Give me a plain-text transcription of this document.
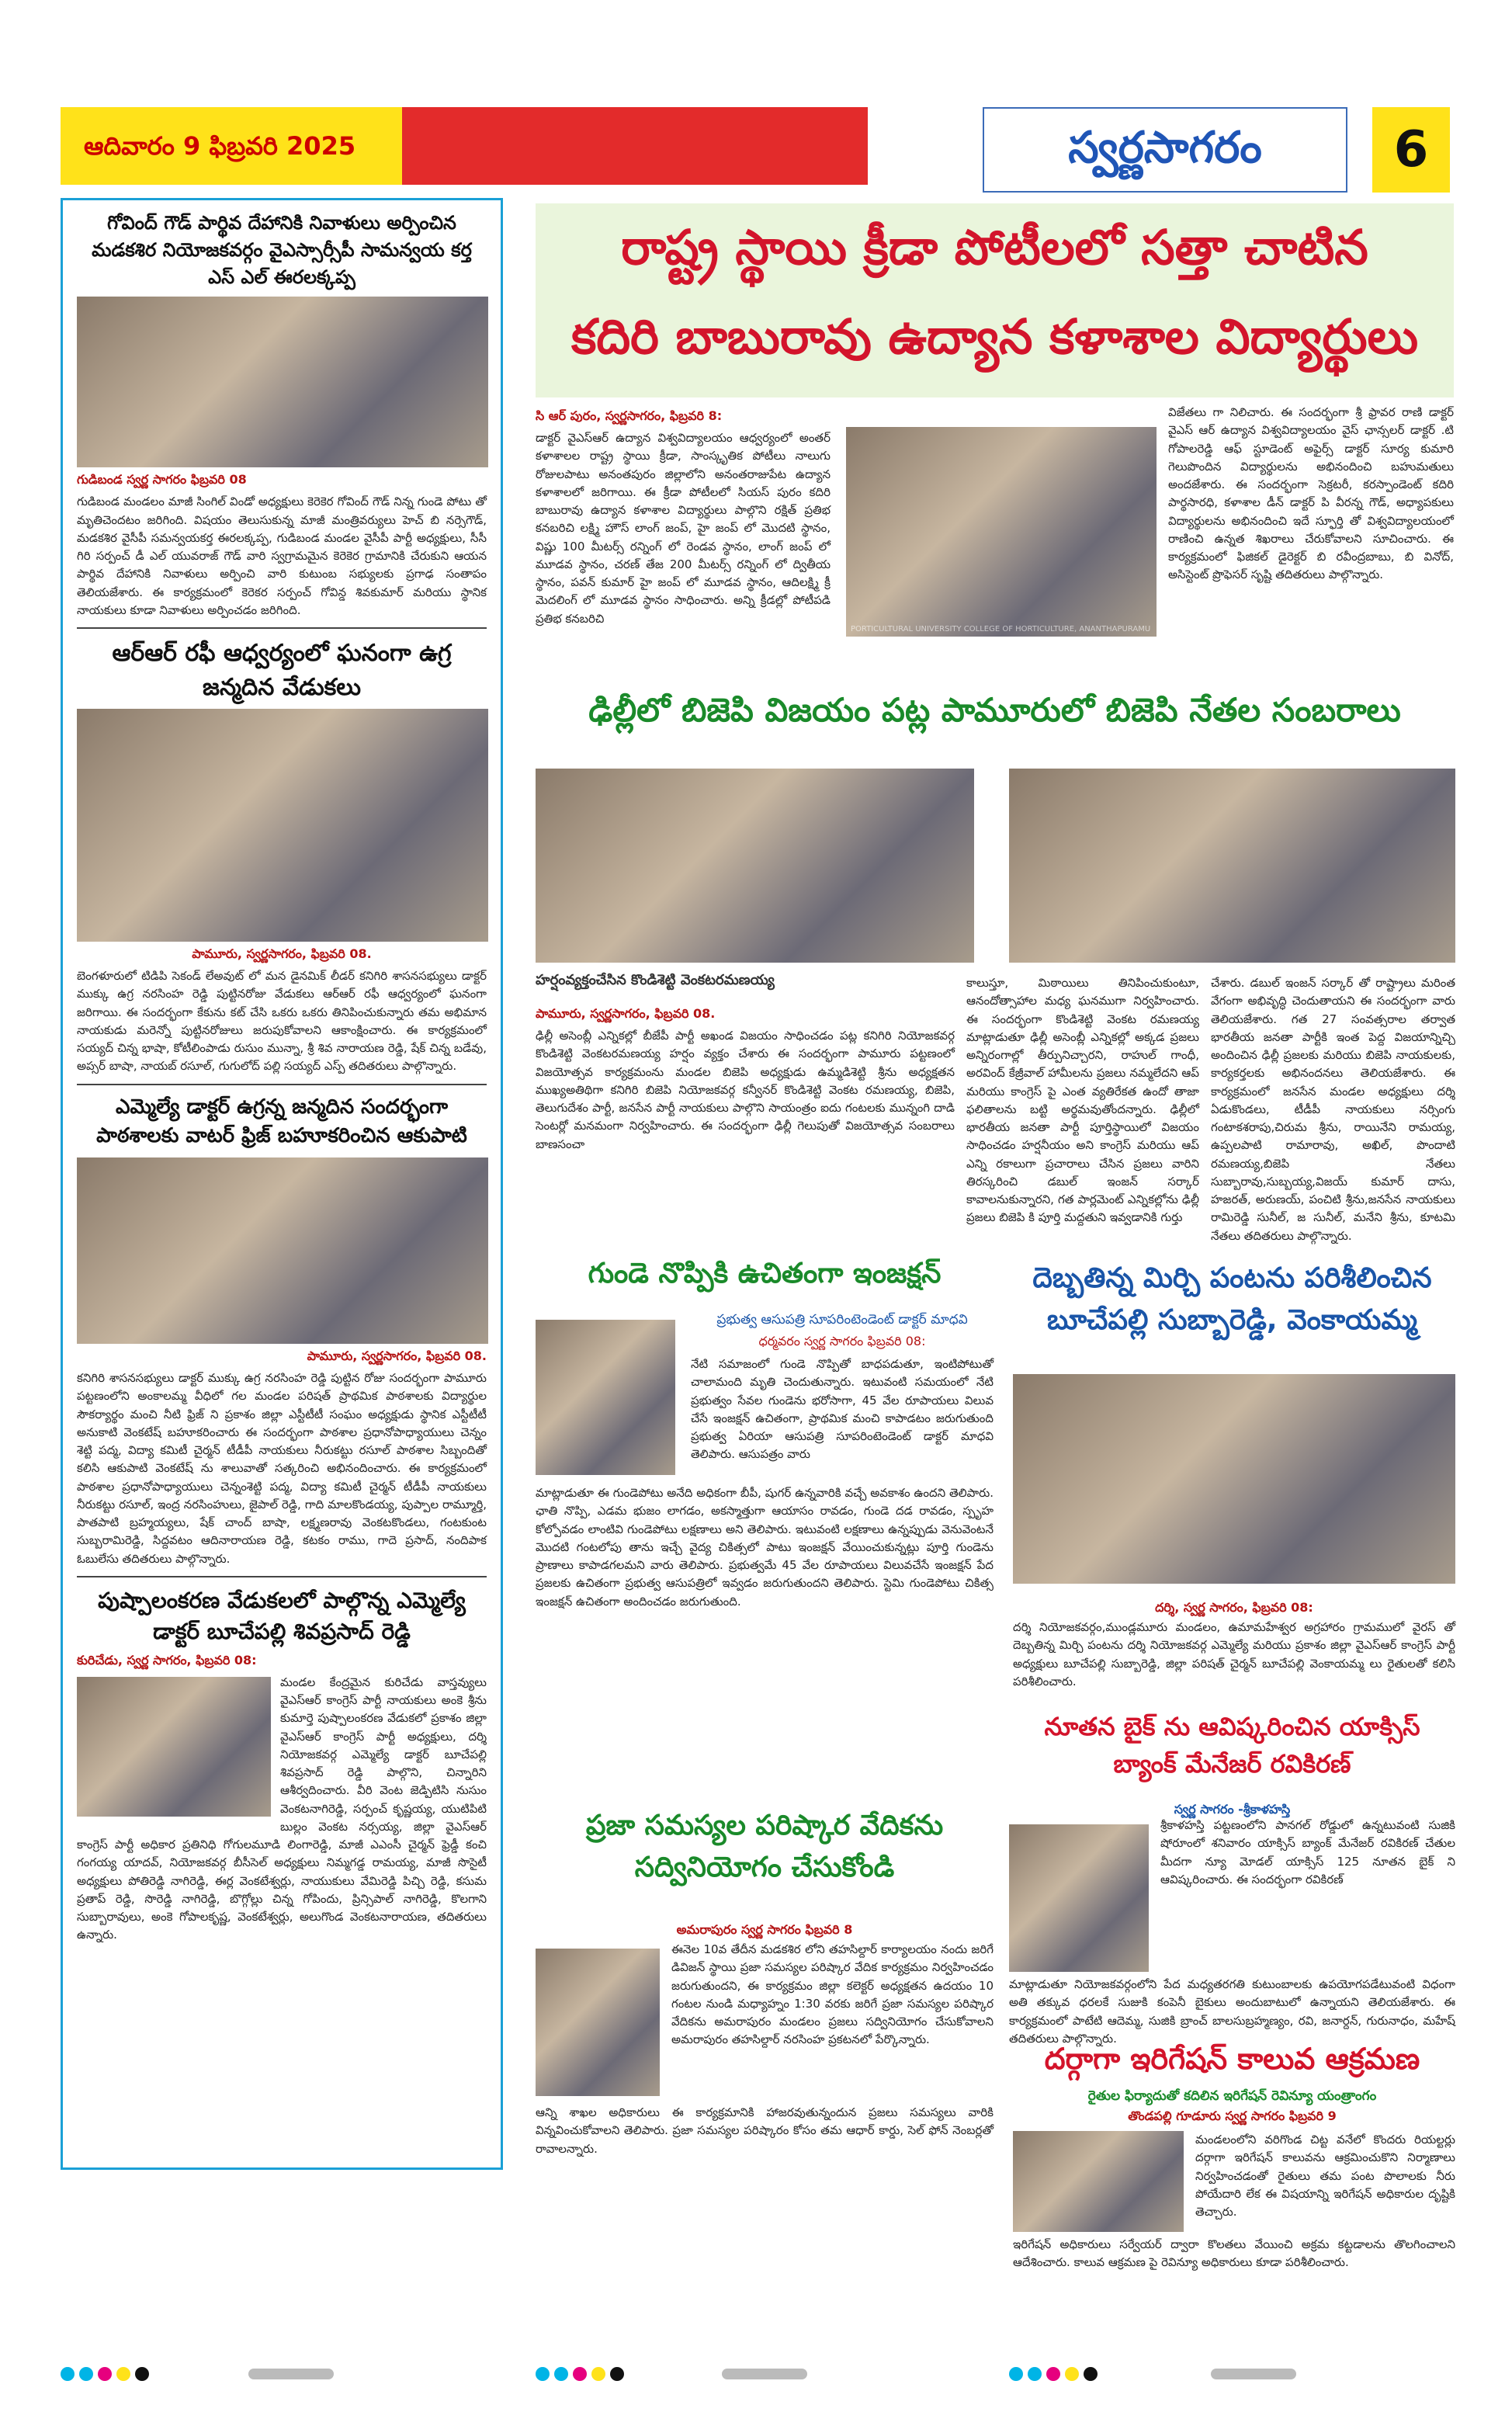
ఆదివారం 9 ఫిబ్రవరి 2025	స్వర్ణసాగరం	6
గోవింద్ గౌడ్ పార్థివ దేహానికి నివాళులు అర్పించిన మడకశిర నియోజకవర్గం వైఎస్సార్సీపీ సామన్వయ కర్త ఎస్ ఎల్ ఈరలక్కప్ప
గుడిబండ స్వర్ణ సాగరం ఫిబ్రవరి 08
గుడిబండ మండలం మాజీ సింగిల్ విండో అధ్యక్షులు కెరెకెర గోవింద్ గౌడ్ నిన్న గుండె పోటు తో మృతిచెందటం జరిగింది. విషయం తెలుసుకున్న మాజీ మంత్రివర్యులు హెచ్ బి నర్సెగౌడ్, మడకశిర వైసీపీ సమన్వయకర్త ఈరలక్కప్ప, గుడిబండ మండల వైసీపీ పార్టీ అధ్యక్షులు, సీసీ గిరి సర్పంచ్ డీ ఎల్ యువరాజ్ గౌడ్ వారి స్వగ్రామమైన కెరెకెర గ్రామానికి చేరుకుని ఆయన పార్థివ దేహానికి నివాళులు అర్పించి వారి కుటుంబ సభ్యులకు ప్రగాఢ సంతాపం తెలియజేశారు. ఈ కార్యక్రమంలో కెరెకర సర్పంచ్ గోవిన్డ శివకుమార్ మరియు స్థానిక నాయకులు కూడా నివాళులు అర్పించడం జరిగింది.
ఆర్ఆర్ రఫీ ఆధ్వర్యంలో ఘనంగా ఉగ్ర జన్మదిన వేడుకలు
పామూరు, స్వర్ణసాగరం, ఫిబ్రవరి 08.
బెంగళూరులో టిడిపి సెకండ్ లేఅవుట్ లో మన డైనమిక్ లీడర్ కనిగిరి శాసనసభ్యులు డాక్టర్ ముక్కు ఉగ్ర నరసింహ రెడ్డి పుట్టినరోజు వేడుకలు ఆర్ఆర్ రఫీ ఆధ్వర్యంలో ఘనంగా జరిగాయి. ఈ సందర్భంగా కేకును కట్ చేసి ఒకరు ఒకరు తినిపించుకున్నారు తమ అభిమాన నాయకుడు మరెన్నో పుట్టినరోజులు జరుపుకోవాలని ఆకాంక్షించారు. ఈ కార్యక్రమంలో సయ్యద్ చిన్న భాషా, కోటీలింపాడు రుసుం మున్నా, శ్రీ శివ నారాయణ రెడ్డి, షేక్ చిన్న బడేవు, అప్సర్ బాషా, నాయబ్ రసూల్, గుగులోద్ పల్లి సయ్యద్ ఎస్ప్ తదితరులు పాల్గొన్నారు.
ఎమ్మెల్యే డాక్టర్ ఉగ్రన్న జన్మదిన సందర్భంగా పాఠశాలకు వాటర్ ఫ్రిజ్ బహూకరించిన ఆకుపాటి
పామూరు, స్వర్ణసాగరం, ఫిబ్రవరి 08.
కనిగిరి శాసనసభ్యులు డాక్టర్ ముక్కు ఉగ్ర నరసింహ రెడ్డి పుట్టిన రోజు సందర్భంగా పామూరు పట్టణంలోని అంకాలమ్మ వీధిలో గల మండల పరిషత్ ప్రాథమిక పాఠశాలకు విద్యార్థుల సౌకర్యార్థం మంచి నీటి ఫ్రిజ్ ని ప్రకాశం జిల్లా ఎస్టీటీటీ సంఘం అధ్యక్షుడు స్థానిక ఎస్టీటీటీ అనుకాటి వెంకటేష్ బహూకరించారు ఈ సందర్భంగా పాఠశాల ప్రధానోపాధ్యాయులు చెన్నం శెట్టి పద్మ, విద్యా కమిటీ చైర్మన్ టీడీపీ నాయకులు నీరుకట్టు రసూల్ పాఠశాల సిబ్బందితో కలిసి ఆకుపాటి వెంకటేష్ ను శాలువాతో సత్కరించి అభినందించారు. ఈ కార్యక్రమంలో పాఠశాల ప్రధానోపాధ్యాయులు చెన్నంశెట్టి పద్మ, విద్యా కమిటీ చైర్మన్ టీడీపీ నాయకులు నీరుకట్టు రసూల్, ఇంద్ర నరసింహులు, జైపాల్ రెడ్డి, గాది మాలకొండయ్య, పుప్పాల రామ్మూర్తి, పాతపాటి బ్రహ్మయ్యలు, షేక్ చాంద్ బాషా, లక్ష్మణరావు వెంకటకొండలు, గంటకుంట సుబ్బరామిరెడ్డి, సిద్దవటం ఆదినారాయణ రెడ్డి, కటకం రాము, గాదె ప్రసాద్, నందిపాక ఓబులేసు తదితరులు పాల్గొన్నారు.
పుష్పాలంకరణ వేడుకలలో పాల్గొన్న ఎమ్మెల్యే డాక్టర్ బూచేపల్లి శివప్రసాద్ రెడ్డి
కురిచేడు, స్వర్ణ సాగరం, ఫిబ్రవరి 08:
మండల కేంద్రమైన కురిచేడు వాస్తవ్యులు వైఎస్ఆర్ కాంగ్రెస్ పార్టీ నాయకులు అంకె శ్రీను కుమార్తె పుష్పాలంకరణ వేడుకలో ప్రకాశం జిల్లా వైఎస్ఆర్ కాంగ్రెస్ పార్టీ అధ్యక్షులు, దర్శి నియోజకవర్గ ఎమ్మెల్యే డాక్టర్ బూచేపల్లి శివప్రసాద్ రెడ్డి పాల్గొని, చిన్నారిని ఆశీర్వదించారు. వీరి వెంట జెడ్పిటిసి నుసుం వెంకటనాగిరెడ్డి, సర్పంచ్ కృష్ణయ్య, యుటిపిటి బుల్లం వెంకట నర్సయ్య, జిల్లా వైఎస్ఆర్ కాంగ్రెస్ పార్టీ అధికార ప్రతినిధి గోగులమూడి లింగారెడ్డి, మాజీ ఎఎంసీ చైర్మన్ ఫ్రెడ్డీ కంచి గంగయ్య యాదవ్, నియోజకవర్గ బీసీసెల్ అధ్యక్షులు నిమ్మగడ్డ రామయ్య, మాజీ సొసైటీ అధ్యక్షులు పోతిరెడ్డి నాగిరెడ్డి, ఈర్ల వెంకటేశ్వర్లు, నాయుకులు వేమిరెడ్డి పిచ్చి రెడ్డి, కసుమ ప్రతాప్ రెడ్డి, సొరెడ్డి నాగిరెడ్డి, బొగ్గోల్లు చిన్న గోపిందు, ప్రిన్సిపాల్ నాగిరెడ్డి, కొలగాని సుబ్బారావులు, అంకె గోపాలకృష్ణ, వెంకటేశ్వర్లు, అలుగొండ వెంకటనారాయణ, తదితరులు ఉన్నారు.
రాష్ట్ర స్థాయి క్రీడా పోటీలలో సత్తా చాటిన
కదిరి బాబురావు ఉద్యాన కళాశాల విద్యార్థులు
సి ఆర్ పురం, స్వర్ణసాగరం, ఫిబ్రవరి 8:
డాక్టర్ వైఎస్ఆర్ ఉద్యాన విశ్వవిద్యాలయం ఆధ్వర్యంలో అంతర్ కళాశాలల రాష్ట్ర స్థాయి క్రీడా, సాంస్కృతిక పోటీలు నాలుగు రోజులపాటు అనంతపురం జిల్లాలోని అనంతరాజుపేట ఉద్యాన కళాశాలలో జరిగాయి. ఈ క్రీడా పోటీలలో సియస్ పురం కదిరి బాబురావు ఉద్యాన కళాశాల విద్యార్థులు పాల్గొని రక్షిత్ ప్రతిభ కనబరిచి లక్ష్మి హౌస్ లాంగ్ జంప్, హై జంప్ లో మొదటి స్థానం, విష్ణు 100 మీటర్స్ రన్నింగ్ లో రెండవ స్థానం, లాంగ్ జంప్ లో మూడవ స్థానం, చరణ్ తేజ 200 మీటర్స్ రన్నింగ్ లో ద్వితీయ స్థానం, పవన్ కుమార్ హై జంప్ లో మూడవ స్థానం, ఆదిలక్ష్మి క్రీ మెదలింగ్ లో మూడవ స్థానం సాధించారు. అన్ని క్రీడల్లో పోటీపడి ప్రతిభ కనబరిచి
PORTICULTURAL UNIVERSITY COLLEGE OF HORTICULTURE, ANANTHAPURAMU
విజేతలు గా నిలిచారు. ఈ సందర్భంగా శ్రీ ఫ్రావర రాణి డాక్టర్ వైఎస్ ఆర్ ఉద్యాన విశ్వవిద్యాలయం వైస్ ఛాన్సలర్ డాక్టర్ .టి గోపాలరెడ్డి ఆఫ్ స్టూడెంట్ అఫైర్స్ డాక్టర్ సూర్య కుమారి గెలుపొందిన విద్యార్థులను అభినందించి బహుమతులు అందజేశారు. ఈ సందర్భంగా సెక్రటరీ, కరస్పాండెంట్ కదిరి పార్థసారధి, కళాశాల డీన్ డాక్టర్ పి వీరన్న గౌడ్, అధ్యాపకులు విద్యార్థులను అభినందించి ఇదే స్ఫూర్తి తో విశ్వవిద్యాలయంలో రాణించి ఉన్నత శిఖరాలు చేరుకోవాలని సూచించారు. ఈ కార్యక్రమంలో ఫిజికల్ డైరెక్టర్ బి రవీంద్రబాబు, బి వినోద్, అసిస్టెంట్ ప్రొఫెసర్ సృష్టి తదితరులు పాల్గొన్నారు.
ఢిల్లీలో బిజెపి విజయం పట్ల పామూరులో బిజెపి నేతల సంబరాలు
హర్షంవ్యక్తంచేసిన కొండిశెట్టి వెంకటరమణయ్య
పామూరు, స్వర్ణసాగరం, ఫిబ్రవరి 08.
ఢిల్లీ అసెంబ్లీ ఎన్నికల్లో బీజేపీ పార్టీ అఖండ విజయం సాధించడం పట్ల కనిగిరి నియోజకవర్గ కొండిశెట్టి వెంకటరమణయ్య హర్షం వ్యక్తం చేశారు ఈ సందర్భంగా పామూరు పట్టణంలో విజయోత్సవ కార్యక్రమంను మండల బిజెపి అధ్యక్షుడు ఉమ్మడిశెట్టి శ్రీను అధ్యక్షతన ముఖ్యఅతిథిగా కనిగిరి బిజెపి నియోజకవర్గ కన్వీనర్ కొండిశెట్టి వెంకట రమణయ్య, బిజెపి, తెలుగుదేశం పార్టీ, జనసేన పార్టీ నాయకులు పాల్గొని సాయంత్రం ఐదు గంటలకు మున్నంగి దాడి సెంటర్లో మనమంగా నిర్వహించారు. ఈ సందర్భంగా ఢిల్లీ గెలుపుతో విజయోత్సవ సంబరాలు బాణసంచా
కాలుస్తూ, మిఠాయిలు తినిపించుకుంటూ, ఆనందోత్సాహాల మధ్య ఘనముగా నిర్వహించారు. ఈ సందర్భంగా కొండిశెట్టి వెంకట రమణయ్య మాట్లాడుతూ ఢిల్లీ అసెంబ్లీ ఎన్నికల్లో అక్కడ ప్రజలు అన్నిరంగాల్లో తీర్పునిచ్చారని, రాహుల్ గాంధీ, అరవింద్ కేజ్రీవాల్ హామీలను ప్రజలు నమ్మలేదని ఆప్ మరియు కాంగ్రెస్ పై ఎంత వ్యతిరేకత ఉందో తాజా ఫలితాలను బట్టి అర్థమవుతోందన్నారు. ఢిల్లీలో భారతీయ జనతా పార్టీ పూర్తిస్థాయిలో విజయం సాధించడం హర్షనీయం అని కాంగ్రెస్ మరియు ఆప్ ఎన్ని రకాలుగా ప్రచారాలు చేసిన ప్రజలు వారిని తిరస్కరించి డబుల్ ఇంజన్ సర్కార్ కావాలనుకున్నారని, గత పార్లమెంట్ ఎన్నికల్లోను ఢిల్లీ ప్రజలు బిజెపి కి పూర్తి మద్దతుని ఇవ్వడానికి గుర్తు
చేశారు. డబుల్ ఇంజన్ సర్కార్ తో రాష్ట్రాలు మరింత వేగంగా అభివృద్ధి చెందుతాయని ఈ సందర్భంగా వారు తెలియజేశారు. గత 27 సంవత్సరాల తర్వాత భారతీయ జనతా పార్టీకి ఇంత పెద్ద విజయాన్నిచ్చి అందించిన ఢిల్లీ ప్రజలకు మరియు బిజెపి నాయకులకు, కార్యకర్తలకు అభినందనలు తెలియజేశారు. ఈ కార్యక్రమంలో జనసేన మండల అధ్యక్షులు దర్శి ఏడుకొండలు, టీడీపీ నాయకులు నర్సింగు గంటాకశరాపు,చిరుమ శ్రీను, రాయినేని రామయ్య, ఉప్పలపాటి రామారావు, అఖిల్, పొందాటి రమణయ్య,బిజెపి నేతలు సుబ్బారావు,సుబ్బయ్య,విజయ్ కుమార్ దాసు, హజరత్, అరుణయ్, పంచిటి శ్రీను,జనసేన నాయకులు రామిరెడ్డి సునీల్, జ సునీల్, మనేని శ్రీను, కూటమి నేతలు తదితరులు పాల్గొన్నారు.
గుండె నొప్పికి ఉచితంగా ఇంజక్షన్
ప్రభుత్వ ఆసుపత్రి సూపరింటెండెంట్ డాక్టర్ మాధవి
ధర్మవరం స్వర్ణ సాగరం ఫిబ్రవరి 08:
నేటి సమాజంలో గుండె నొప్పితో బాధపడుతూ, ఇంటిపోటుతో చాలామంది మృతి చెందుతున్నారు. ఇటువంటి సమయంలో నేటి ప్రభుత్వం సేవల గుండెను భరోసాగా, 45 వేల రూపాయలు విలువ చేసే ఇంజక్షన్ ఉచితంగా, ప్రాథమిక మంచి కాపాడటం జరుగుతుంది ప్రభుత్వ ఏరియా ఆసుపత్రి సూపరింటెండెంట్ డాక్టర్ మాధవి తెలిపారు. ఆసుపత్రం వారు
మాట్లాడుతూ ఈ గుండెపోటు అనేది అధికంగా బీపీ, షుగర్ ఉన్నవారికి వచ్చే అవకాశం ఉందని తెలిపారు. ఛాతి నొప్పి, ఎడమ భుజం లాగడం, అకస్మాత్తుగా ఆయాసం రావడం, గుండె దడ రావడం, స్పృహ కోల్పోవడం లాంటివి గుండెపోటు లక్షణాలు అని తెలిపారు. ఇటువంటి లక్షణాలు ఉన్నప్పుడు వెనువెంటనే మొదటి గంటలోపు తాను ఇచ్చే వైద్య చికిత్సలో పాటు ఇంజక్షన్ వేయించుకున్నట్లు పూర్తి గుండెను ప్రాణాలు కాపాడగలమని వారు తెలిపారు. ప్రభుత్వమే 45 వేల రూపాయలు విలువచేసే ఇంజక్షన్ పేద ప్రజలకు ఉచితంగా ప్రభుత్వ ఆసుపత్రిలో ఇవ్వడం జరుగుతుందని తెలిపారు. స్టెమి గుండెపోటు చికిత్స ఇంజక్షన్ ఉచితంగా అందించడం జరుగుతుంది.
దెబ్బతిన్న మిర్చి పంటను పరిశీలించిన బూచేపల్లి సుబ్బారెడ్డి, వెంకాయమ్మ
దర్శి, స్వర్ణ సాగరం, ఫిబ్రవరి 08:
దర్శి నియోజకవర్గం,ముండ్లమూరు మండలం, ఉమామహేశ్వర అగ్రహారం గ్రామములో వైరస్ తో దెబ్బతిన్న మిర్చి పంటను దర్శి నియోజకవర్గ ఎమ్మెల్యే మరియు ప్రకాశం జిల్లా వైఎస్ఆర్ కాంగ్రెస్ పార్టీ అధ్యక్షులు బూచేపల్లి సుబ్బారెడ్డి, జిల్లా పరిషత్ చైర్మన్ బూచేపల్లి వెంకాయమ్మ లు రైతులతో కలిసి పరిశీలించారు.
ప్రజా సమస్యల పరిష్కార వేదికను సద్వినియోగం చేసుకోండి
అమరాపురం స్వర్ణ సాగరం ఫిబ్రవరి 8
ఈనెల 10వ తేదీన మడకశిర లోని తహసిల్దార్ కార్యాలయం నందు జరిగే డివిజన్ స్థాయి ప్రజా సమస్యల పరిష్కార వేదిక కార్యక్రమం నిర్వహించడం జరుగుతుందని, ఈ కార్యక్రమం జిల్లా కలెక్టర్ అధ్యక్షతన ఉదయం 10 గంటల నుండి మధ్యాహ్నం 1:30 వరకు జరిగే ప్రజా సమస్యల పరిష్కార వేదికను అమరాపురం మండలం ప్రజలు సద్వినియోగం చేసుకోవాలని అమరాపురం తహసిల్దార్ నరసింహ ప్రకటనలో పేర్కొన్నారు.
ఆన్ని శాఖల అధికారులు ఈ కార్యక్రమానికి హాజరవుతున్నందున ప్రజలు సమస్యలు వారికి విన్నవించుకోవాలని తెలిపారు. ప్రజా సమస్యల పరిష్కారం కోసం తమ ఆధార్ కార్డు, సెల్ ఫోన్ నెంబర్లతో రావాలన్నారు.
నూతన బైక్ ను ఆవిష్కరించిన యాక్సిస్ బ్యాంక్ మేనేజర్ రవికిరణ్
స్వర్ణ సాగరం -శ్రీకాళహస్తి
శ్రీకాళహస్తి పట్టణంలోని పానగల్ రోడ్డులో ఉన్నటువంటి సుజికి షోరూంలో శనివారం యాక్సిస్ బ్యాంక్ మేనేజర్ రవికిరణ్ చేతుల మీదగా న్యూ మోడల్ యాక్సిస్ 125 నూతన బైక్ ని ఆవిష్కరించారు. ఈ సందర్భంగా రవికిరణ్
మాట్లాడుతూ నియోజకవర్గంలోని పేద మధ్యతరగతి కుటుంబాలకు ఉపయోగపడేటువంటి విధంగా అతి తక్కువ ధరలకే సుజుకి కంపెనీ బైకులు అందుబాటులో ఉన్నాయని తెలియజేశారు. ఈ కార్యక్రమంలో పాటేటి ఆదెమ్మ, సుజికి బ్రాంచ్ బాలసుబ్రహ్మణ్యం, రవి, జనార్దన్, గురునాధం, మహేష్ తదితరులు పాల్గొన్నారు.
దర్గాగా ఇరిగేషన్ కాలువ ఆక్రమణ
రైతుల ఫిర్యాదుతో కదిలిన ఇరిగేషన్ రెవిన్యూ యంత్రాంగం
తొండపల్లి గూడూరు స్వర్ణ సాగరం ఫిబ్రవరి 9
మండలంలోని వరిగొండ చిట్ట వనేలో కొందరు రియల్టర్లు దర్గాగా ఇరిగేషన్ కాలువను ఆక్రమించుకొని నిర్మాణాలు నిర్వహించడంతో రైతులు తమ పంట పొలాలకు నీరు పోయేదారి లేక ఈ విషయాన్ని ఇరిగేషన్ అధికారుల దృష్టికి తెచ్చారు.
ఇరిగేషన్ అధికారులు సర్వేయర్ ద్వారా కొలతలు వేయించి అక్రమ కట్టడాలను తొలగించాలని ఆదేశించారు. కాలువ ఆక్రమణ పై రెవిన్యూ అధికారులు కూడా పరిశీలించారు.
